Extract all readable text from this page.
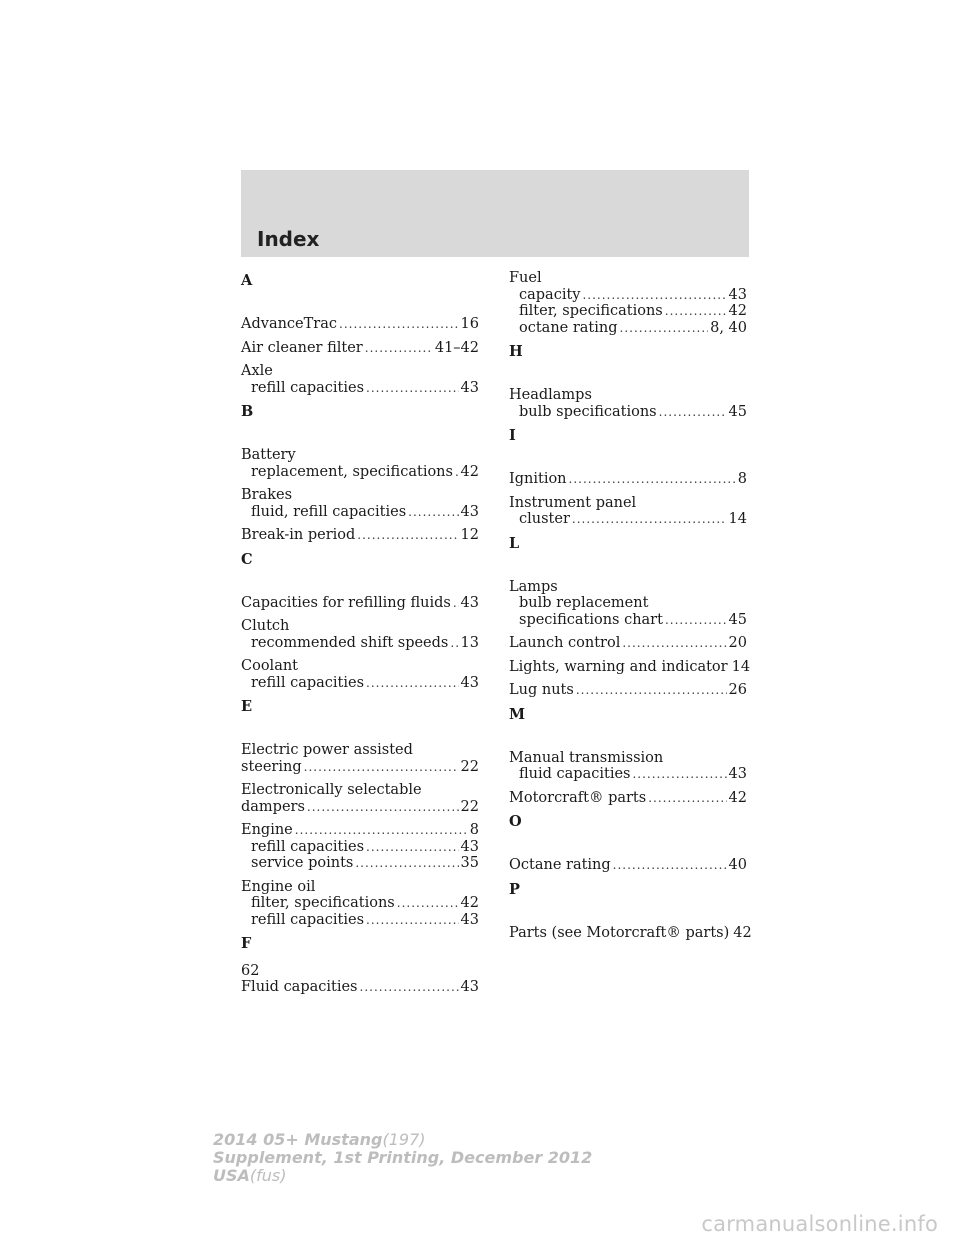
Index
A
AdvanceTrac .....	16
Air cleaner filter .....	41–42
Axle
refill capacities .....	43
B
Battery
replacement, specifications ..... 42
Brakes
fluid, refill capacities .....	43
Break-in period .....	12
C
Capacities for refilling fluids ..... 43
Clutch
recommended shift speeds ..... 13
Coolant
refill capacities .....	43
E
Electric power assisted
steering .....	22
Electronically selectable
dampers .....	22
Engine .....	8
refill capacities .....	43
service points .....	35
Engine oil
filter, specifications .....	42
refill capacities .....	43
F
Fluid capacities .....	43
Fuel
capacity .....	43
filter, specifications .....	42
octane rating .....	8, 40
H
Headlamps
bulb specifications .....	45
I
Ignition .....	8
Instrument panel
cluster .....	14
L
Lamps
bulb replacement
specifications chart .....	45
Launch control .....	20
Lights, warning and indicator 14
Lug nuts .....	26
M
Manual transmission
fluid capacities .....	43
Motorcraft® parts .....	42
O
Octane rating .....	40
P
Parts (see Motorcraft® parts) 42
62
2014 05+ Mustang(197)
Supplement, 1st Printing, December 2012
USA(fus)
carmanualsonline.info
